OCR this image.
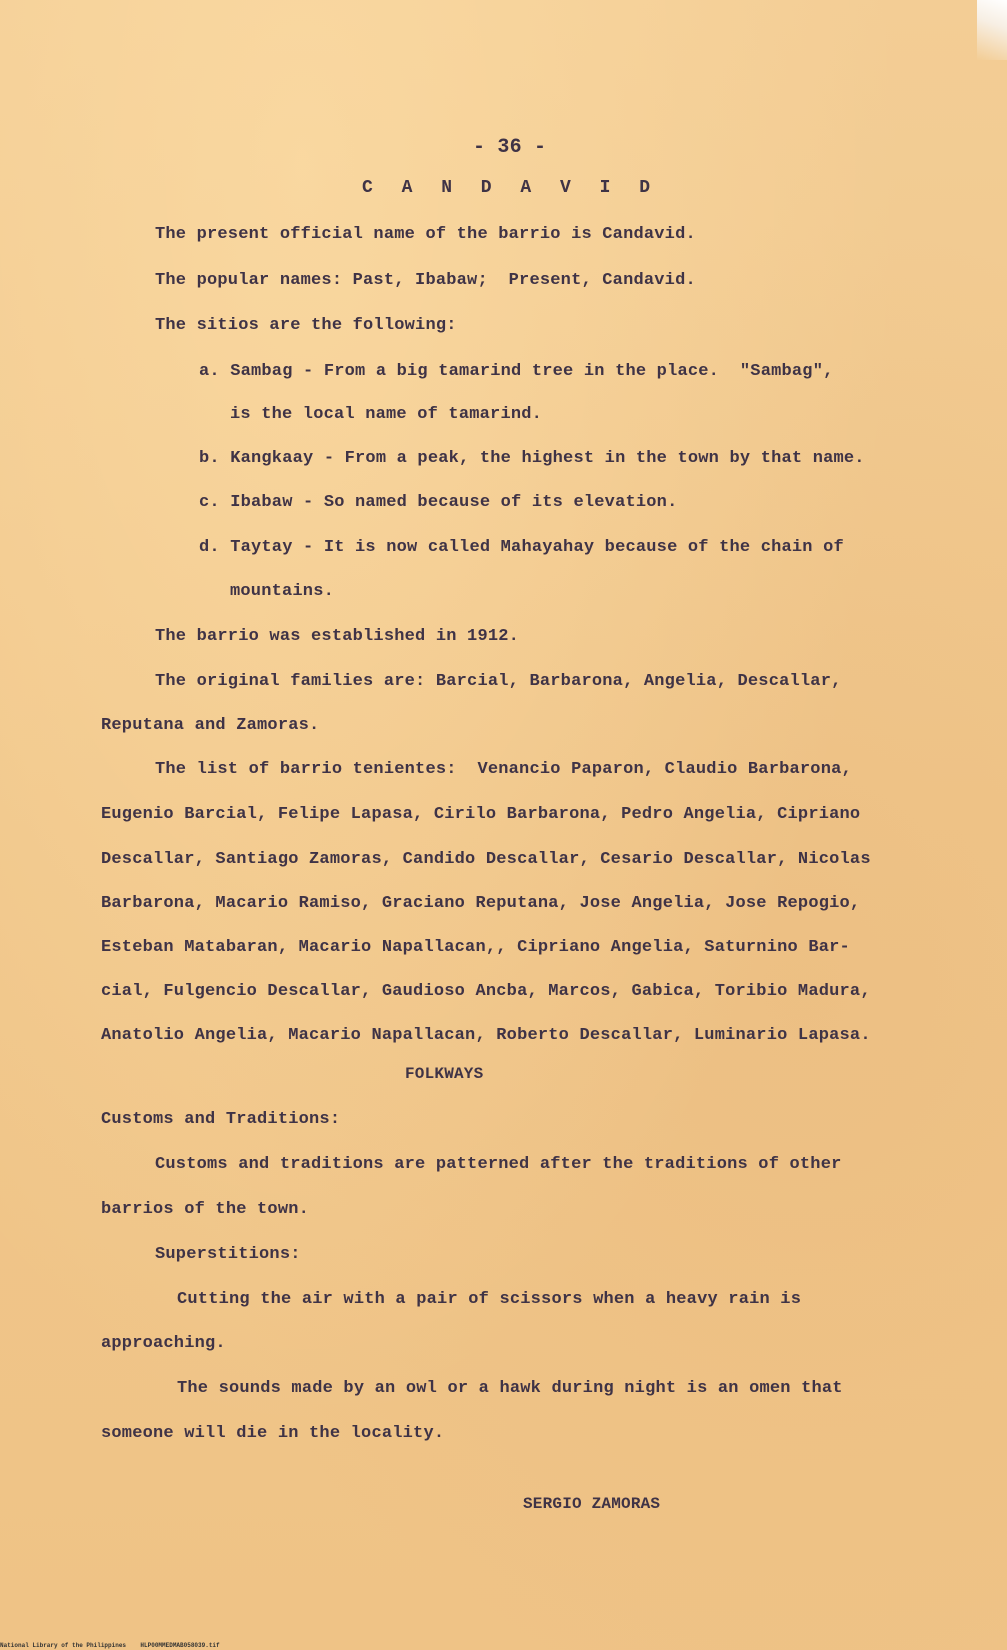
- 36 -
C A N D A V I D
The present official name of the barrio is Candavid.
The popular names: Past, Ibabaw;  Present, Candavid.
The sitios are the following:
a. Sambag - From a big tamarind tree in the place.  "Sambag",
is the local name of tamarind.
b. Kangkaay - From a peak, the highest in the town by that name.
c. Ibabaw - So named because of its elevation.
d. Taytay - It is now called Mahayahay because of the chain of
mountains.
The barrio was established in 1912.
The original families are: Barcial, Barbarona, Angelia, Descallar,
Reputana and Zamoras.
The list of barrio tenientes:  Venancio Paparon, Claudio Barbarona,
Eugenio Barcial, Felipe Lapasa, Cirilo Barbarona, Pedro Angelia, Cipriano
Descallar, Santiago Zamoras, Candido Descallar, Cesario Descallar, Nicolas
Barbarona, Macario Ramiso, Graciano Reputana, Jose Angelia, Jose Repogio,
Esteban Matabaran, Macario Napallacan,, Cipriano Angelia, Saturnino Bar-
cial, Fulgencio Descallar, Gaudioso Ancba, Marcos, Gabica, Toribio Madura,
Anatolio Angelia, Macario Napallacan, Roberto Descallar, Luminario Lapasa.
FOLKWAYS
Customs and Traditions:
Customs and traditions are patterned after the traditions of other
barrios of the town.
Superstitions:
Cutting the air with a pair of scissors when a heavy rain is
approaching.
The sounds made by an owl or a hawk during night is an omen that
someone will die in the locality.
SERGIO ZAMORAS
National Library of the Philippines    HLP00MMEDMAB058039.tif
